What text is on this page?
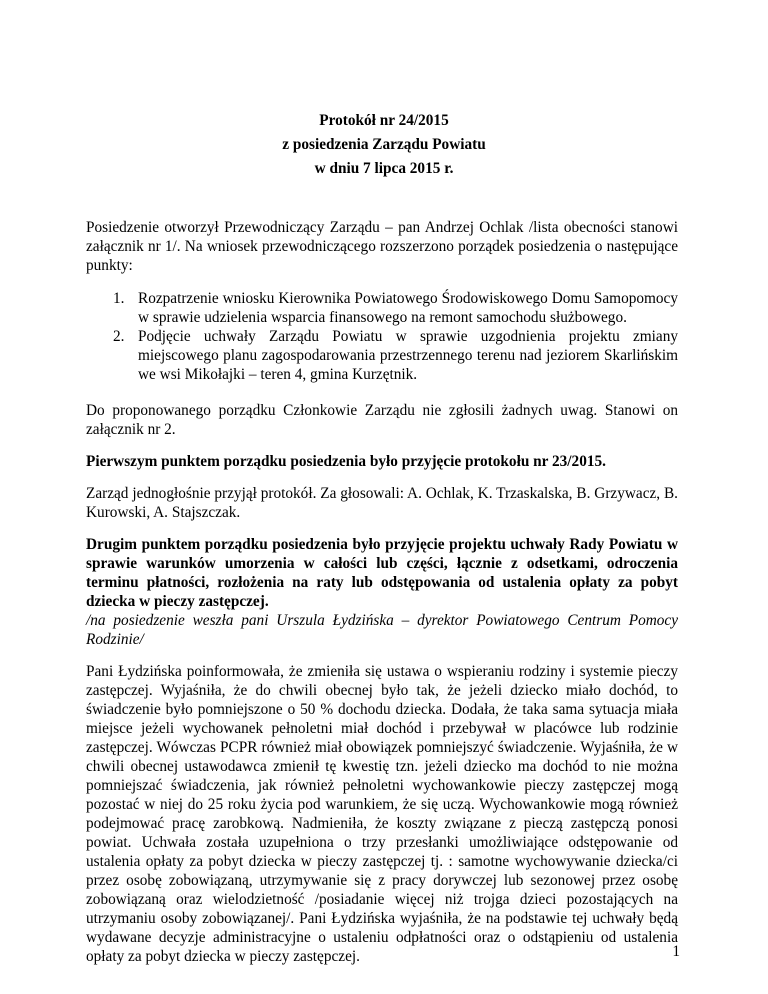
Protokół nr 24/2015
z posiedzenia Zarządu Powiatu
w dniu 7 lipca 2015 r.
Posiedzenie otworzył Przewodniczący Zarządu – pan Andrzej Ochlak /lista obecności stanowi załącznik nr 1/. Na wniosek przewodniczącego rozszerzono porządek posiedzenia o następujące punkty:
1. Rozpatrzenie wniosku Kierownika Powiatowego Środowiskowego Domu Samopomocy w sprawie udzielenia wsparcia finansowego na remont samochodu służbowego.
2. Podjęcie uchwały Zarządu Powiatu w sprawie uzgodnienia projektu zmiany miejscowego planu zagospodarowania przestrzennego terenu nad jeziorem Skarlińskim we wsi Mikołajki – teren 4, gmina Kurzętnik.
Do proponowanego porządku Członkowie Zarządu nie zgłosili żadnych uwag. Stanowi on załącznik nr 2.
Pierwszym punktem porządku posiedzenia było przyjęcie protokołu nr 23/2015.
Zarząd jednogłośnie przyjął protokół. Za głosowali: A. Ochlak, K. Trzaskalska, B. Grzywacz, B. Kurowski, A. Stajszczak.
Drugim punktem porządku posiedzenia było przyjęcie projektu uchwały Rady Powiatu w sprawie warunków umorzenia w całości lub części, łącznie z odsetkami, odroczenia terminu płatności, rozłożenia na raty lub odstępowania od ustalenia opłaty za pobyt dziecka w pieczy zastępczej.
/na posiedzenie weszła pani Urszula Łydzińska – dyrektor Powiatowego Centrum Pomocy Rodzinie/
Pani Łydzińska poinformowała, że zmieniła się ustawa o wspieraniu rodziny i systemie pieczy zastępczej. Wyjaśniła, że do chwili obecnej było tak, że jeżeli dziecko miało dochód, to świadczenie było pomniejszone o 50 % dochodu dziecka. Dodała, że taka sama sytuacja miała miejsce jeżeli wychowanek pełnoletni miał dochód i przebywał w placówce lub rodzinie zastępczej. Wówczas PCPR również miał obowiązek pomniejszyć świadczenie. Wyjaśniła, że w chwili obecnej ustawodawca zmienił tę kwestię tzn. jeżeli dziecko ma dochód to nie można pomniejszać świadczenia, jak również pełnoletni wychowankowie pieczy zastępczej mogą pozostać w niej do 25 roku życia pod warunkiem, że się uczą. Wychowankowie mogą również podejmować pracę zarobkową. Nadmieniła, że koszty związane z pieczą zastępczą ponosi powiat. Uchwała została uzupełniona o trzy przesłanki umożliwiające odstępowanie od ustalenia opłaty za pobyt dziecka w pieczy zastępczej tj. : samotne wychowywanie dziecka/ci przez osobę zobowiązaną, utrzymywanie się z pracy dorywczej lub sezonowej przez osobę zobowiązaną oraz wielodzietność /posiadanie więcej niż trojga dzieci pozostających na utrzymaniu osoby zobowiązanej/. Pani Łydzińska wyjaśniła, że na podstawie tej uchwały będą wydawane decyzje administracyjne o ustaleniu odpłatności oraz o odstąpieniu od ustalenia opłaty za pobyt dziecka w pieczy zastępczej.	1
